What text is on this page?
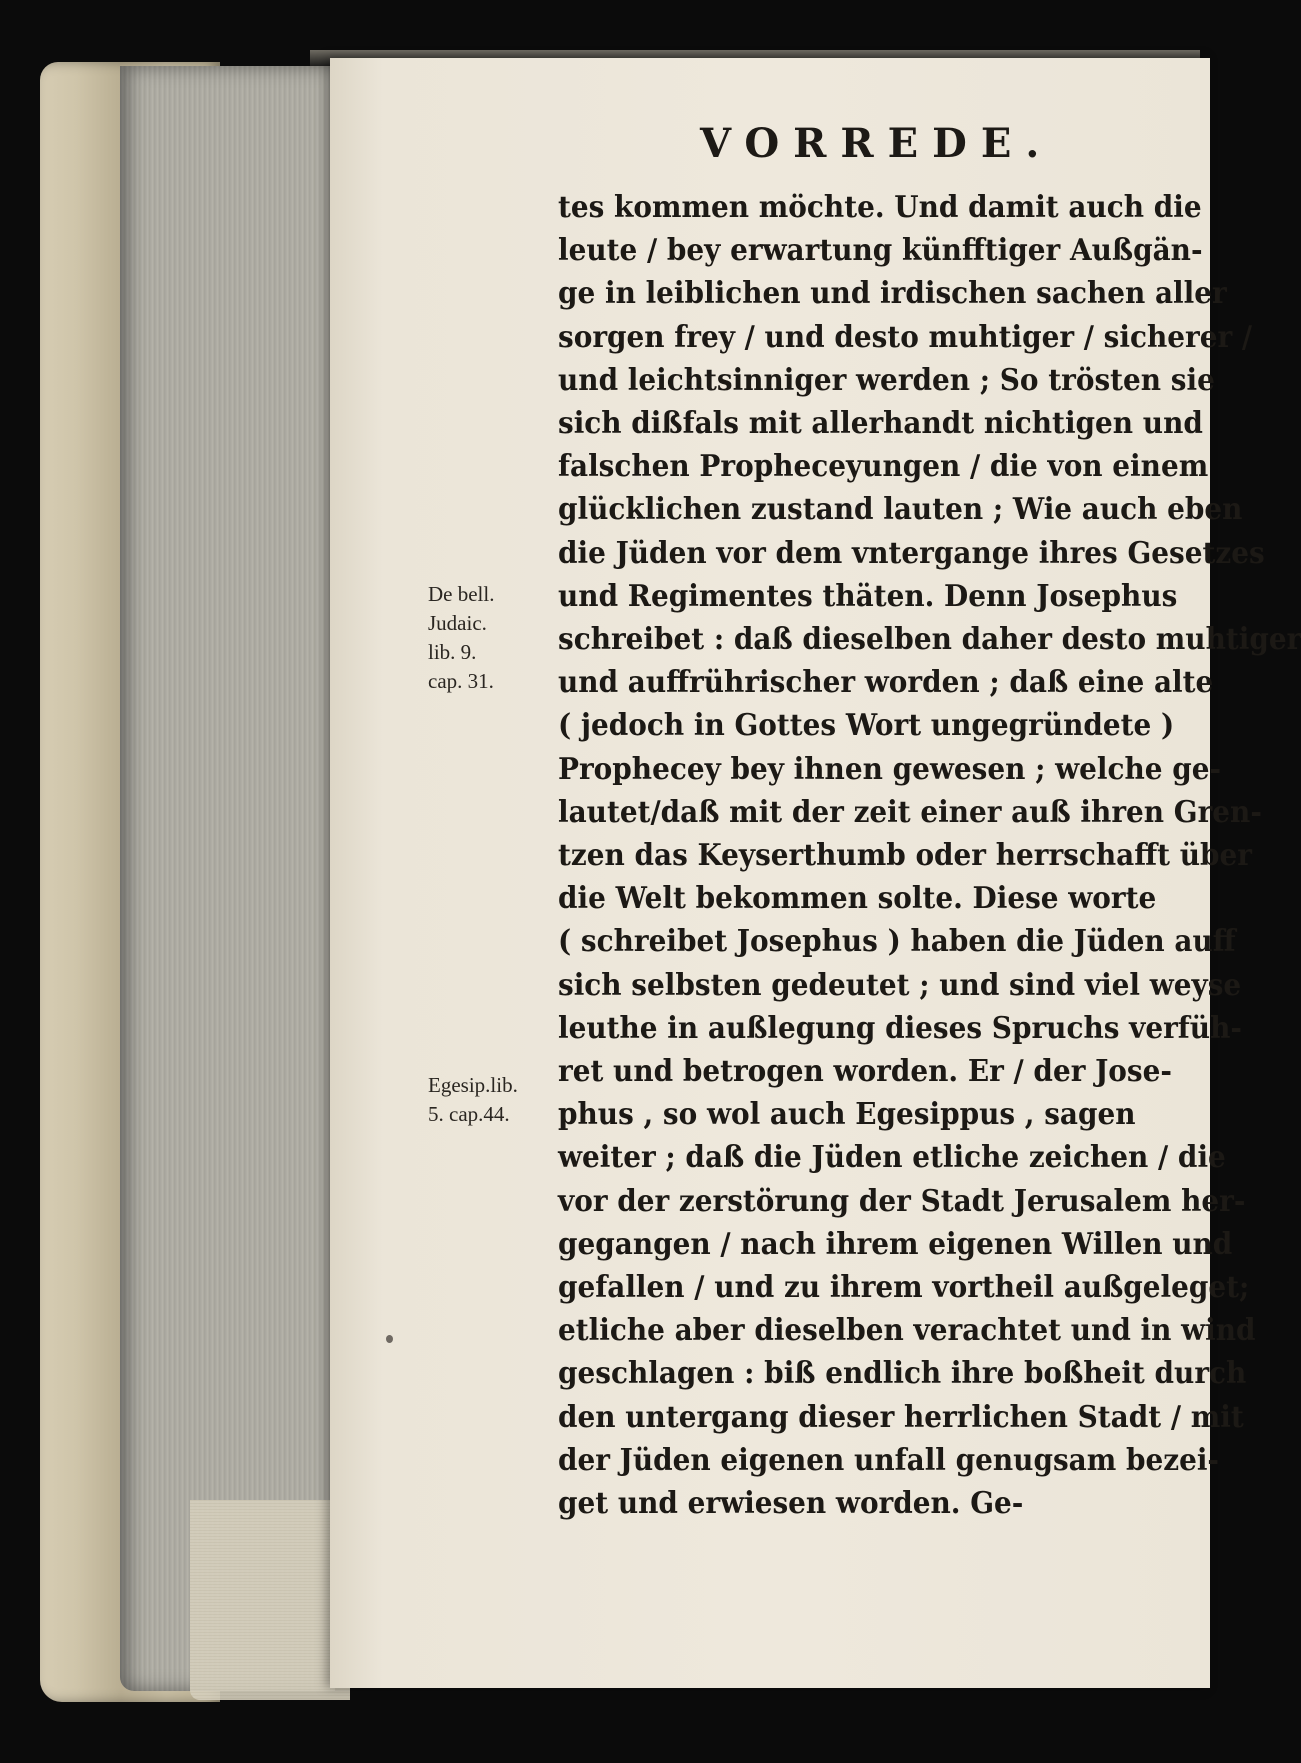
VORREDE.
tes kommen möchte. Und damit auch die
leute / bey erwartung künfftiger Außgän-
ge in leiblichen und irdischen sachen aller
sorgen frey / und desto muhtiger / sicherer /
und leichtsinniger werden ; So trösten sie
sich dißfals mit allerhandt nichtigen und
falschen Prophecеyungen / die von einem
glücklichen zustand lauten ; Wie auch eben
die Jüden vor dem vntergange ihres Gesetzes
und Regimentes thäten. Denn Josephus
schreibet : daß dieselben daher desto muhtiger
und auffrührischer worden ; daß eine alte
( jedoch in Gottes Wort ungegründete )
Prophecey bey ihnen gewesen ; welche ge-
lautet/daß mit der zeit einer auß ihren Gren-
tzen das Keyserthumb oder herrschafft über
die Welt bekommen solte. Diese worte
( schreibet Josephus ) haben die Jüden auff
sich selbsten gedeutet ; und sind viel weyse
leuthe in außlegung dieses Spruchs verfüh-
ret und betrogen worden. Er / der Jose-
phus , so wol auch Egesippus , sagen
weiter ; daß die Jüden etliche zeichen / die
vor der zerstörung der Stadt Jerusalem her-
gegangen / nach ihrem eigenen Willen und
gefallen / und zu ihrem vortheil außgeleget;
etliche aber dieselben verachtet und in wind
geschlagen : biß endlich ihre boßheit durch
den untergang dieser herrlichen Stadt / mit
der Jüden eigenen unfall genugsam bezei-
get und erwiesen worden. Ge-
De bell.
Judaic.
lib. 9.
cap. 31.
Egesip.lib.
5. cap.44.
